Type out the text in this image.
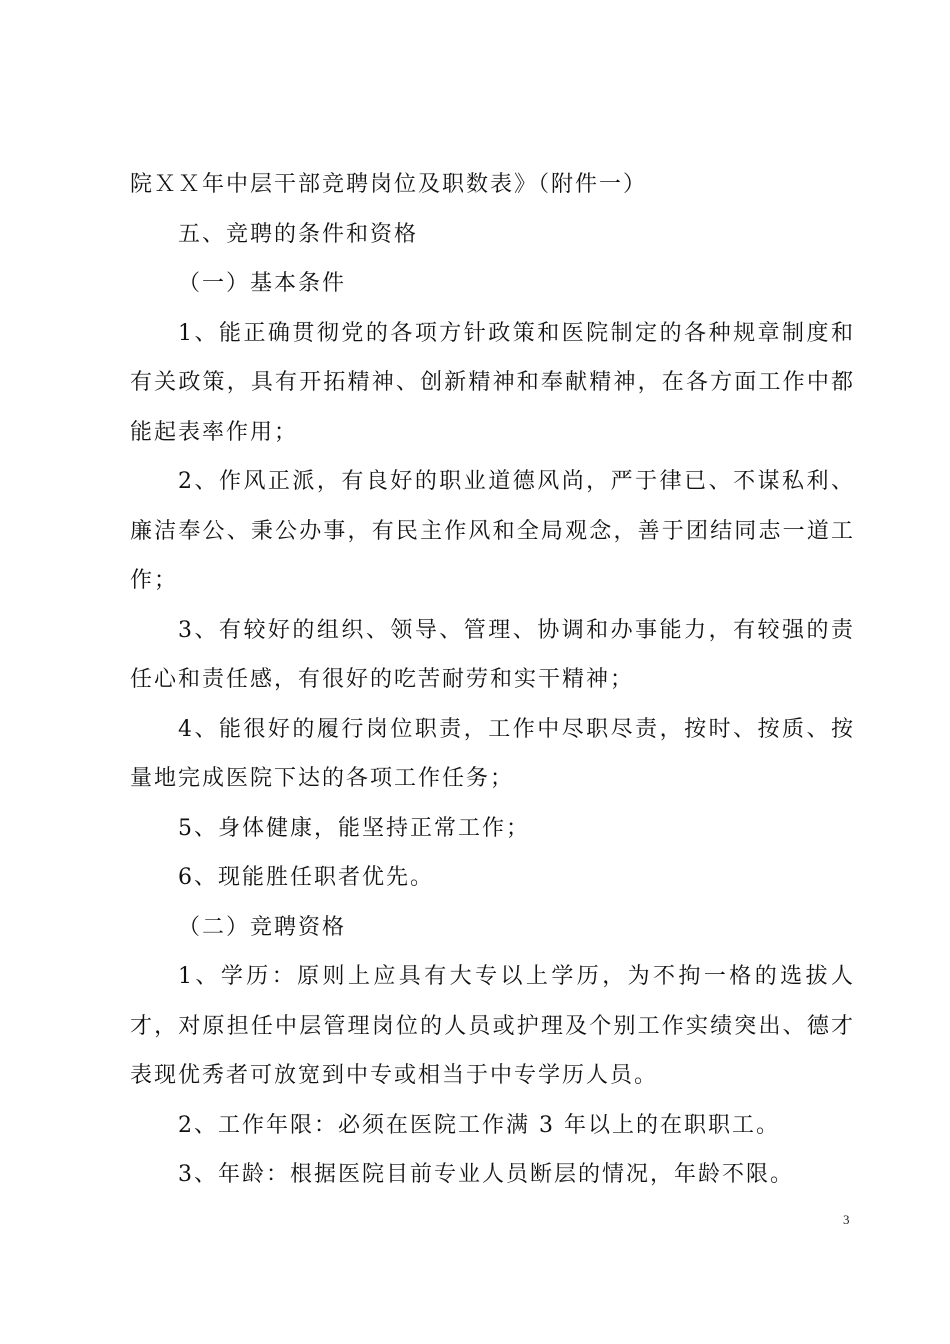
院ＸＸ年中层干部竞聘岗位及职数表》（附件一）

五、竞聘的条件和资格

（一）基本条件

1、能正确贯彻党的各项方针政策和医院制定的各种规章制度和有关政策，具有开拓精神、创新精神和奉献精神，在各方面工作中都能起表率作用；

2、作风正派，有良好的职业道德风尚，严于律已、不谋私利、廉洁奉公、秉公办事，有民主作风和全局观念，善于团结同志一道工作；

3、有较好的组织、领导、管理、协调和办事能力，有较强的责任心和责任感，有很好的吃苦耐劳和实干精神；

4、能很好的履行岗位职责，工作中尽职尽责，按时、按质、按量地完成医院下达的各项工作任务；

5、身体健康，能坚持正常工作；

6、现能胜任职者优先。

（二）竞聘资格

1、学历：原则上应具有大专以上学历，为不拘一格的选拔人才，对原担任中层管理岗位的人员或护理及个别工作实绩突出、德才表现优秀者可放宽到中专或相当于中专学历人员。

2、工作年限：必须在医院工作满 3 年以上的在职职工。

3、年龄：根据医院目前专业人员断层的情况，年龄不限。

3
